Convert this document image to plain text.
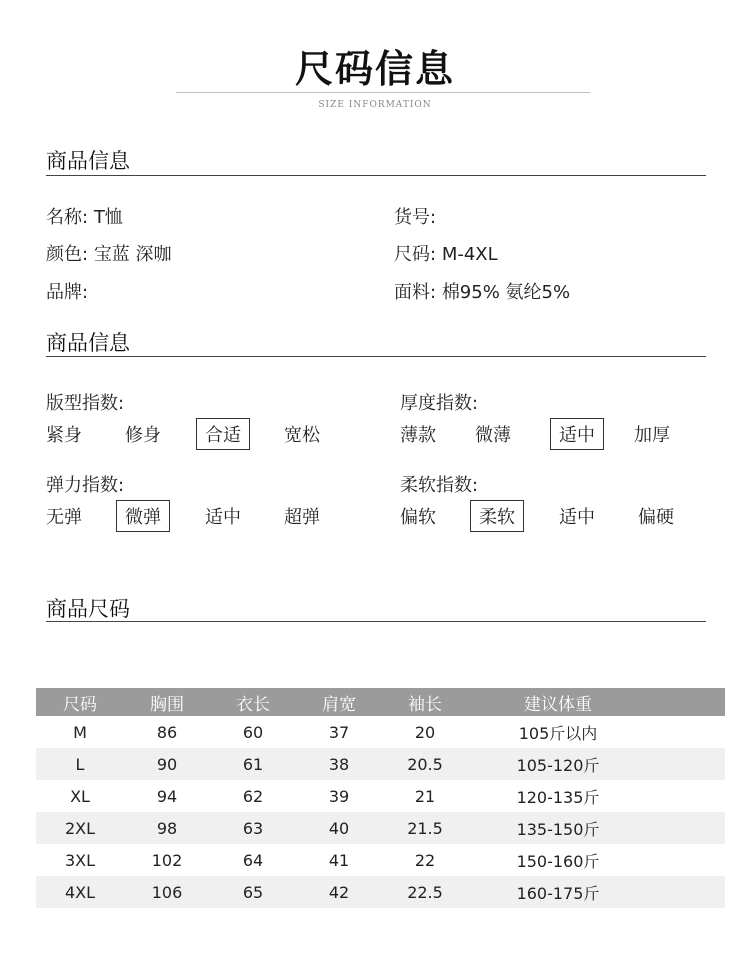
尺码信息
SIZE INFORMATION
商品信息
名称: T恤	货号:
颜色: 宝蓝 深咖	尺码: M-4XL
品牌:	面料: 棉95% 氨纶5%
商品信息
版型指数:
紧身 修身	合适	宽松
厚度指数:
薄款 微薄	适中	加厚
弹力指数:
无弹	微弹	适中 超弹
柔软指数:
偏软	柔软	适中 偏硬
商品尺码
尺码	胸围	衣长	肩宽	袖长	建议体重	
M	86	60	37	20	105斤以内	
L	90	61	38	20.5	105-120斤	
XL	94	62	39	21	120-135斤	
2XL	98	63	40	21.5	135-150斤	
3XL	102	64	41	22	150-160斤	
4XL	106	65	42	22.5	160-175斤	
